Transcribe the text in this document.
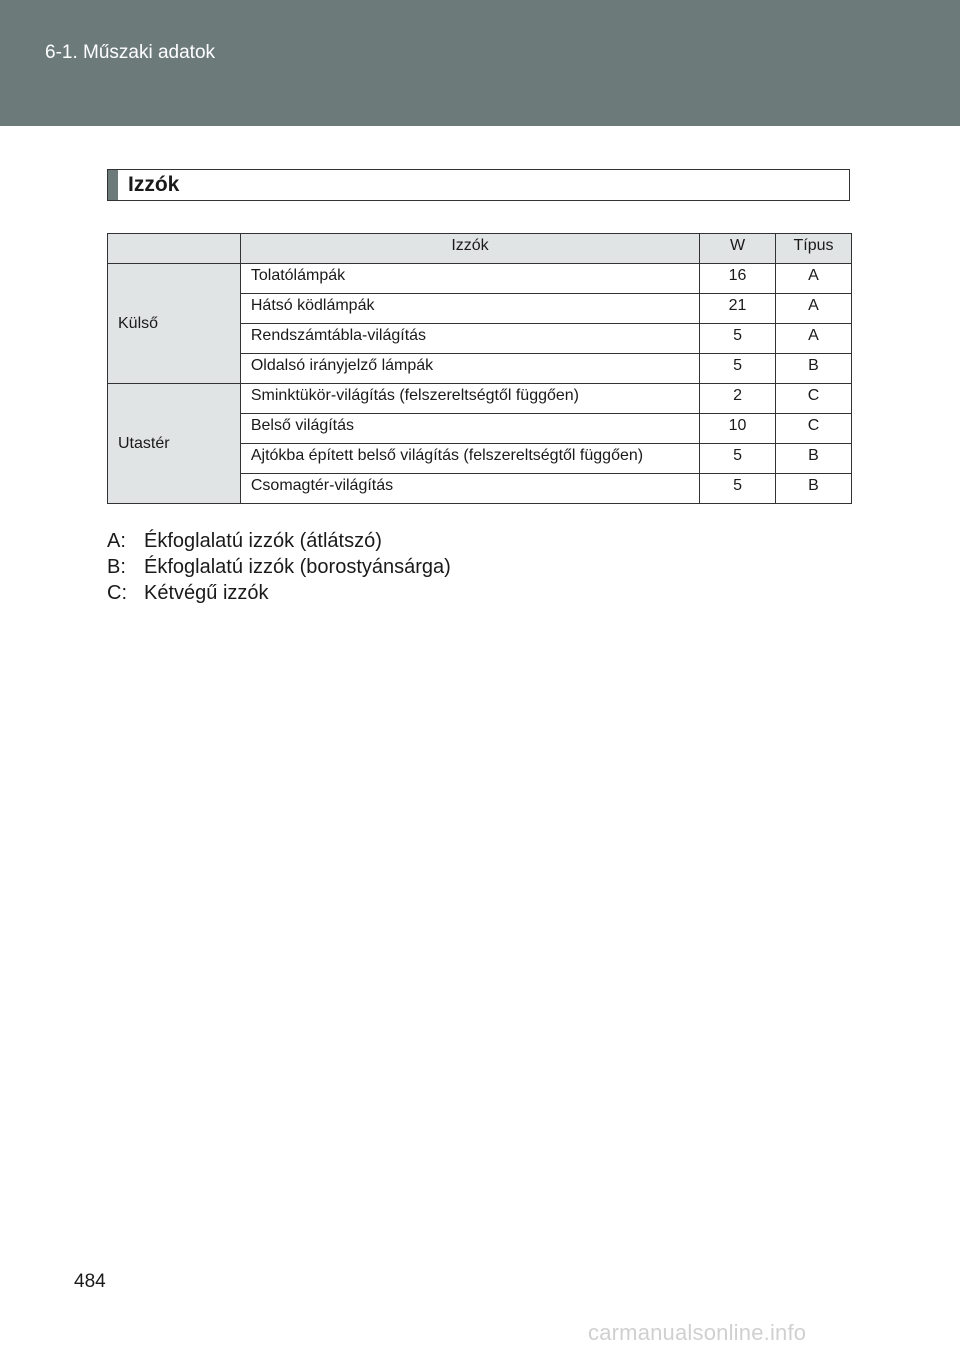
6-1. Műszaki adatok
Izzók
	Izzók	W	Típus
Külső	Tolatólámpák	16	A
	Hátsó ködlámpák	21	A
	Rendszámtábla-világítás	5	A
	Oldalsó irányjelző lámpák	5	B
Utastér	Sminktükör-világítás (felszereltségtől függően)	2	C
	Belső világítás	10	C
	Ajtókba épített belső világítás (felszereltségtől függően)	5	B
	Csomagtér-világítás	5	B
A: Ékfoglalatú izzók (átlátszó)
B: Ékfoglalatú izzók (borostyánsárga)
C: Kétvégű izzók
484
carmanualsonline.info
